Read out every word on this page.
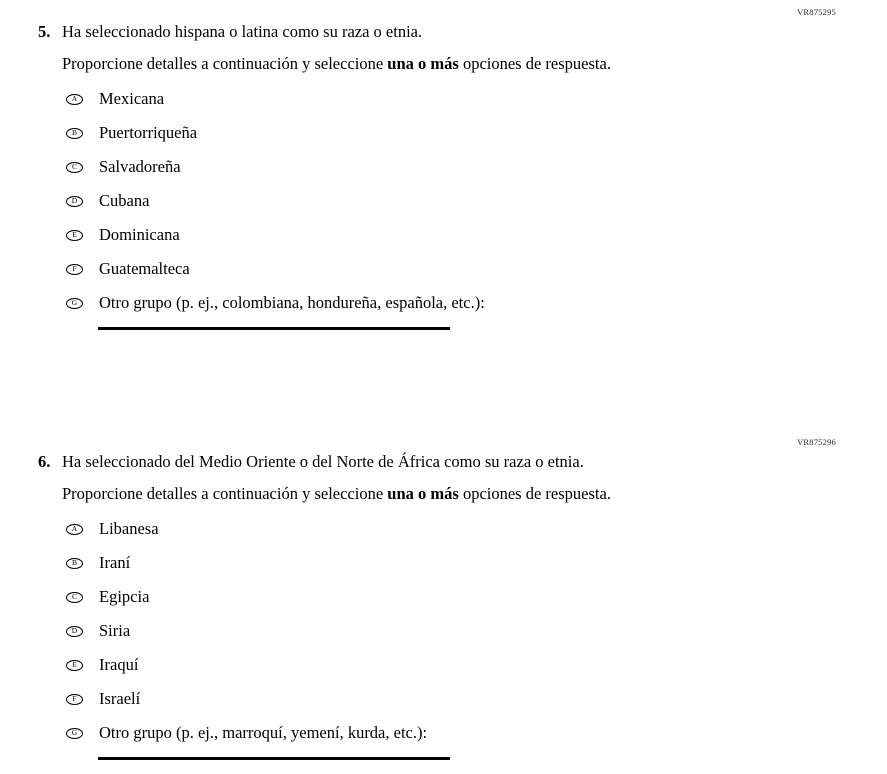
VR875295
5. Ha seleccionado hispana o latina como su raza o etnia.
Proporcione detalles a continuación y seleccione una o más opciones de respuesta.
A	Mexicana
B	Puertorriqueña
C	Salvadoreña
D	Cubana
E	Dominicana
F	Guatemalteca
G	Otro grupo (p. ej., colombiana, hondureña, española, etc.):
VR875296
6. Ha seleccionado del Medio Oriente o del Norte de África como su raza o etnia.
Proporcione detalles a continuación y seleccione una o más opciones de respuesta.
A	Libanesa
B	Iraní
C	Egipcia
D	Siria
E	Iraquí
F	Israelí
G	Otro grupo (p. ej., marroquí, yemení, kurda, etc.):
